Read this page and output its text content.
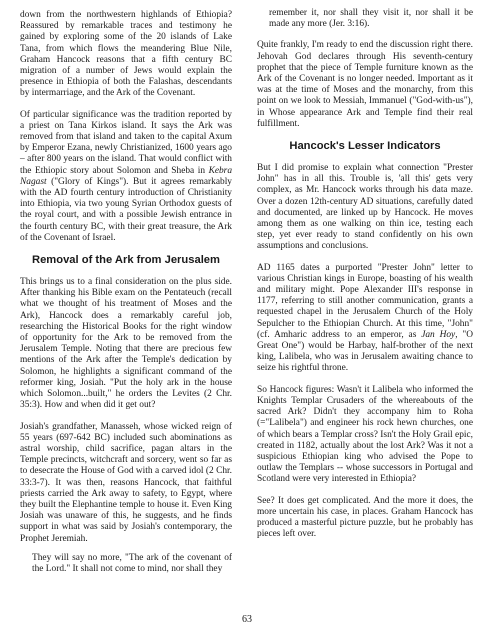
down from the northwestern highlands of Ethiopia? Reassured by remarkable traces and testimony he gained by exploring some of the 20 islands of Lake Tana, from which flows the meandering Blue Nile, Graham Hancock reasons that a fifth century BC migration of a number of Jews would explain the presence in Ethiopia of both the Falashas, descendants by intermarriage, and the Ark of the Covenant.

Of particular significance was the tradition reported by a priest on Tana Kirkos island. It says the Ark was removed from that island and taken to the capital Axum by Emperor Ezana, newly Christianized, 1600 years ago – after 800 years on the island. That would conflict with the Ethiopic story about Solomon and Sheba in Kebra Nagast ("Glory of Kings"). But it agrees remarkably with the AD fourth century introduction of Christianity into Ethiopia, via two young Syrian Orthodox guests of the royal court, and with a possible Jewish entrance in the fourth century BC, with their great treasure, the Ark of the Covenant of Israel.

Removal of the Ark from Jerusalem

This brings us to a final consideration on the plus side. After thanking his Bible exam on the Pentateuch (recall what we thought of his treatment of Moses and the Ark), Hancock does a remarkably careful job, researching the Historical Books for the right window of opportunity for the Ark to be removed from the Jerusalem Temple. Noting that there are precious few mentions of the Ark after the Temple's dedication by Solomon, he highlights a significant command of the reformer king, Josiah. "Put the holy ark in the house which Solomon...built," he orders the Levites (2 Chr. 35:3). How and when did it get out?

Josiah's grandfather, Manasseh, whose wicked reign of 55 years (697-642 BC) included such abominations as astral worship, child sacrifice, pagan altars in the Temple precincts, witchcraft and sorcery, went so far as to desecrate the House of God with a carved idol (2 Chr. 33:3-7). It was then, reasons Hancock, that faithful priests carried the Ark away to safety, to Egypt, where they built the Elephantine temple to house it. Even King Josiah was unaware of this, he suggests, and he finds support in what was said by Josiah's contemporary, the Prophet Jeremiah.

They will say no more, "The ark of the covenant of the Lord." It shall not come to mind, nor shall they

remember it, nor shall they visit it, nor shall it be made any more (Jer. 3:16).

Quite frankly, I'm ready to end the discussion right there. Jehovah God declares through His seventh-century prophet that the piece of Temple furniture known as the Ark of the Covenant is no longer needed. Important as it was at the time of Moses and the monarchy, from this point on we look to Messiah, Immanuel ("God-with-us"), in Whose appearance Ark and Temple find their real fulfillment.

Hancock's Lesser Indicators

But I did promise to explain what connection "Prester John" has in all this. Trouble is, 'all this' gets very complex, as Mr. Hancock works through his data maze. Over a dozen 12th-century AD situations, carefully dated and documented, are linked up by Hancock. He moves among them as one walking on thin ice, testing each step, yet ever ready to stand confidently on his own assumptions and conclusions.

AD 1165 dates a purported "Prester John" letter to various Christian kings in Europe, boasting of his wealth and military might. Pope Alexander III's response in 1177, referring to still another communication, grants a requested chapel in the Jerusalem Church of the Holy Sepulcher to the Ethiopian Church. At this time, "John" (cf. Amharic address to an emperor, as Jan Hoy, "O Great One") would be Harbay, half-brother of the next king, Lalibela, who was in Jerusalem awaiting chance to seize his rightful throne.

So Hancock figures: Wasn't it Lalibela who informed the Knights Templar Crusaders of the whereabouts of the sacred Ark? Didn't they accompany him to Roha (="Lalibela") and engineer his rock hewn churches, one of which bears a Templar cross? Isn't the Holy Grail epic, created in 1182, actually about the lost Ark? Was it not a suspicious Ethiopian king who advised the Pope to outlaw the Templars -- whose successors in Portugal and Scotland were very interested in Ethiopia?

See? It does get complicated. And the more it does, the more uncertain his case, in places. Graham Hancock has produced a masterful picture puzzle, but he probably has pieces left over.

63
